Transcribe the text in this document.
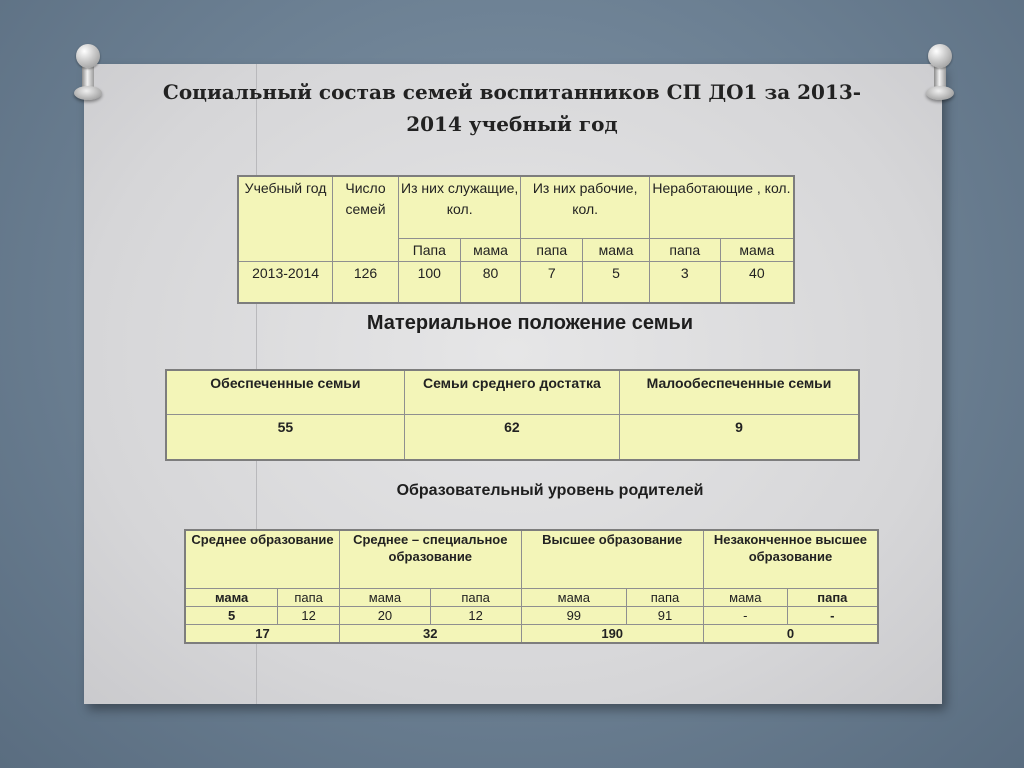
Социальный состав семей воспитанников СП ДО1 за 2013-2014 учебный год
Учебный год	Число семей	Из них служащие, кол.		Из них рабочие, кол.		Неработающие , кол.	
		Папа	мама	папа	мама	папа	мама
2013-2014	126	100	80	7	5	3	40
Материальное положение семьи
Обеспеченные семьи	Семьи среднего достатка	Малообеспеченные семьи
55	62	9
Образовательный уровень родителей
Среднее образование		Среднее – специальное образование		Высшее образование		Незаконченное высшее образование	
мама	папа	мама	папа	мама	папа	мама	папа
5	12	20	12	99	91	-	-
17		32		190		0	
